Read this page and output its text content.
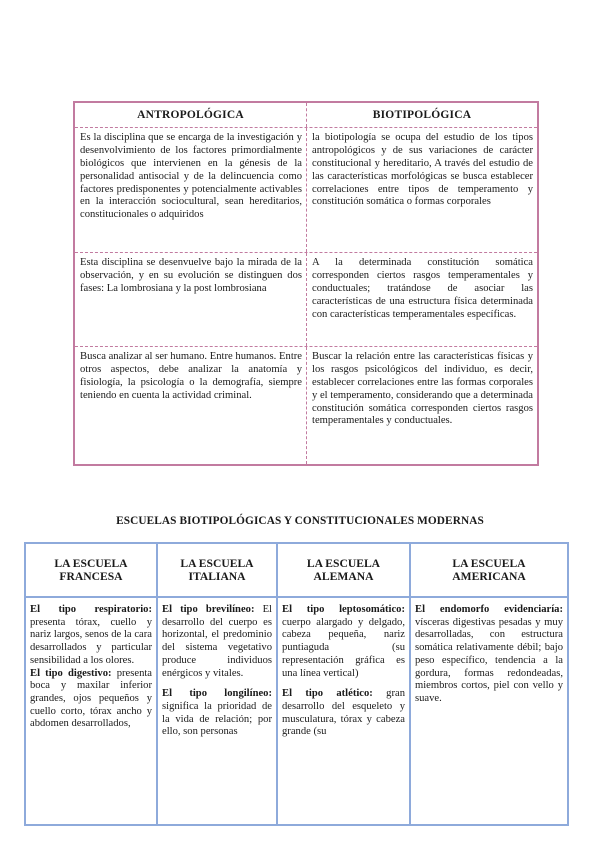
ANTROPOLÓGICA	BIOTIPOLÓGICA
Es la disciplina que se encarga de la investigación y desenvolvimiento de los factores primordialmente biológicos que intervienen en la génesis de la personalidad antisocial y de la delincuencia como factores predisponentes y potencialmente activables en la interacción sociocultural, sean hereditarios, constitucionales o adquiridos
la biotipología se ocupa del estudio de los tipos antropológicos y de sus variaciones de carácter constitucional y hereditario, A través del estudio de las características morfológicas se busca establecer correlaciones entre tipos de temperamento y constitución somática o formas corporales
Esta disciplina se desenvuelve bajo la mirada de la observación, y en su evolución se distinguen dos fases: La lombrosiana y la post lombrosiana
A la determinada constitución somática corresponden ciertos rasgos temperamentales y conductuales; tratándose de asociar las características de una estructura física determinada con características temperamentales específicas.
Busca analizar al ser humano. Entre humanos. Entre otros aspectos, debe analizar la anatomía y fisiología, la psicología o la demografía, siempre teniendo en cuenta la actividad criminal.
Buscar la relación entre las características físicas y los rasgos psicológicos del individuo, es decir, establecer correlaciones entre las formas corporales y el temperamento, considerando que a determinada constitución somática corresponden ciertos rasgos temperamentales y conductuales.
ESCUELAS BIOTIPOLÓGICAS Y CONSTITUCIONALES MODERNAS
LA ESCUELA FRANCESA
LA ESCUELA ITALIANA
LA ESCUELA ALEMANA
LA ESCUELA AMERICANA

El tipo respiratorio: presenta tórax, cuello y nariz largos, senos de la cara desarrollados y particular sensibilidad a los olores.

El tipo digestivo: presenta boca y maxilar inferior grandes, ojos pequeños y cuello corto, tórax ancho y abdomen desarrollados,

El tipo brevilíneo: El desarrollo del cuerpo es horizontal, el predominio del sistema vegetativo produce individuos enérgicos y vitales.

El tipo longilíneo: significa la prioridad de la vida de relación; por ello, son personas

El tipo leptosomático: cuerpo alargado y delgado, cabeza pequeña, nariz puntiaguda (su representación gráfica es una línea vertical)

El tipo atlético: gran desarrollo del esqueleto y musculatura, tórax y cabeza grande (su

El endomorfo evidenciaría: vísceras digestivas pesadas y muy desarrolladas, con estructura somática relativamente débil; bajo peso específico, tendencia a la gordura, formas redondeadas, miembros cortos, piel con vello y suave.
